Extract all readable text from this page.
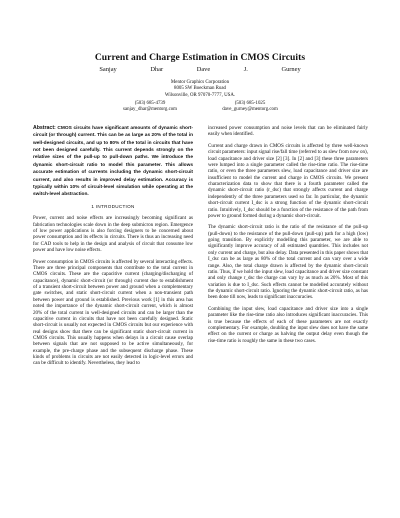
Current and Charge Estimation in CMOS Circuits
Sanjay Dhar	Dave J. Gurney
Mentor Graphics Corporation
8005 SW Boeckman Road
Wilsonville, OR 97070-7777, USA.
(503) 685-4739
sanjay_dhar@mentorg.com
(503) 685-1025
dave_gurney@mentorg.com

Abstract: CMOS circuits have significant amounts of dynamic short-circuit (or through) current. This can be as large as 20% of the total in well-designed circuits, and up to 80% of the total in circuits that have not been designed carefully. This current depends strongly on the relative sizes of the pull-up to pull-down paths. We introduce the dynamic short-circuit ratio to model this parameter. This allows accurate estimation of currents including the dynamic short-circuit current, and also results in improved delay estimation. Accuracy is typically within 10% of circuit-level simulation while operating at the switch-level abstraction.

1 INTRODUCTION

Power, current and noise effects are increasingly becoming significant as fabrication technologies scale down in the deep submicron region. Emergence of low power applications is also forcing designers to be concerned about power consumption and its effects in circuits. There is thus an increasing need for CAD tools to help in the design and analysis of circuit that consume low power and have low noise effects.

Power consumption in CMOS circuits is affected by several interacting effects. There are three principal components that contribute to the total current in CMOS circuits. These are the capacitive current (charging/discharging of capacitance), dynamic short-circuit (or through) current due to establishment of a transient short-circuit between power and ground when a complementary gate switches, and static short-circuit current when a non-transient path between power and ground is established. Previous work [1] in this area has noted the importance of the dynamic short-circuit current, which is almost 20% of the total current in well-designed circuits and can be larger than the capacitive current in circuits that have not been carefully designed. Static short-circuit is usually not expected in CMOS circuits but our experience with real designs show that there can be significant static short-circuit current in CMOS circuits. This usually happens when delays in a circuit cause overlap between signals that are not supposed to be active simultaneously, for example, the pre-charge phase and the subsequent discharge phase. These kinds of problems in circuits are not easily detected in logic-level errors and can be difficult to identify. Nevertheless, they lead to

increased power consumption and noise levels that can be eliminated fairly easily when identified.

Current and charge drawn in CMOS circuits is affected by three well-known circuit parameters: input signal rise/fall time (referred to as slew from now on), load capacitance and driver size [2] [3]. In [2] and [3] these three parameters were lumped into a single parameter called the rise-time ratio. The rise-time ratio, or even the three parameters slew, load capacitance and driver size are insufficient to model the current and charge in CMOS circuits. We present characterization data to show that there is a fourth parameter called the dynamic short-circuit ratio (r_dsc) that strongly affects current and charge independently of the three parameters used so far. In particular, the dynamic short-circuit current I_dsc is a strong function of the dynamic short-circuit ratio. Intuitively, I_dsc should be a function of the resistance of the path from power to ground formed during a dynamic short-circuit.

The dynamic short-circuit ratio is the ratio of the resistance of the pull-up (pull-down) to the resistance of the pull-down (pull-up) path for a high (low) going transition. By explicitly modelling this parameter, we are able to significantly improve accuracy of all estimated quantities. This includes not only current and charge, but also delay. Data presented in this paper shows that I_dsc can be as large as 80% of the total current and can vary over a wide range. Also, the total charge drawn is affected by the dynamic short-circuit ratio. Thus, if we hold the input slew, load capacitance and driver size constant and only change r_dsc the charge can vary by as much as 20%. Most of this variation is due to I_dsc. Such effects cannot be modelled accurately without the dynamic short-circuit ratio. Ignoring the dynamic short-circuit ratio, as has been done till now, leads to significant inaccuracies.

Combining the input slew, load capacitance and driver size into a single parameter like the rise-time ratio also introduces significant inaccuracies. This is true because the effects of each of these parameters are not exactly complementary. For example, doubling the input slew does not have the same effect on the current or charge as halving the output delay even though the rise-time ratio is roughly the same in these two cases.
